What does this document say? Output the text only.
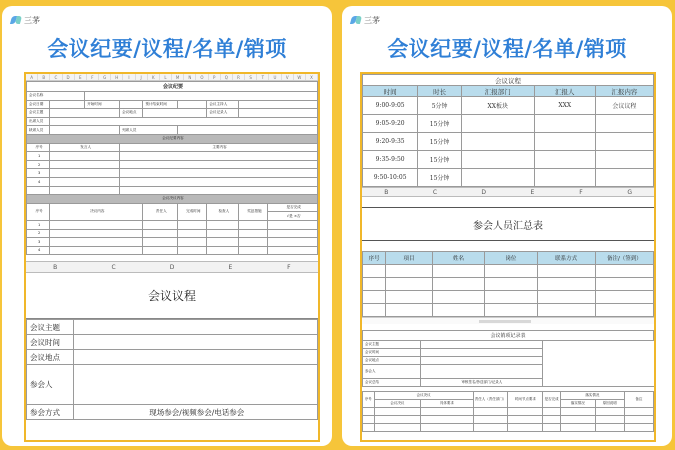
三茅
会议纪要/议程/名单/销项
A	B	C	D	E	F	G	H	I	J	K	L	M	N	O	P	Q	R	S	T	U	V	W	X
会议纪要								
会议名称								
会议日期		开始时间		预计结束时间		会议主持人		
会议主题			会议地点			会议记录人		
出席人员								
缺席人员			列席人员					
会议纪要内容								
序号	发言人		主要内容					
1								
2								
3								
4								

会议决议内容								
序号	决议内容			责任人	完成时间	检查人	奖惩措施	是否完成
								√是 ×否
1								
2								
3								
4								
B	C	D	E	F
会议议程
会议主题	
会议时间	
会议地点	
参会人	
参会方式	现场参会/视频参会/电话参会
三茅
会议纪要/议程/名单/销项
会议议程				
时间	时长	汇报部门	汇报人	汇报内容
9:00-9:05	5分钟	XX板块	XXX	会议议程
9:05-9:20	15分钟			
9:20-9:35	15分钟			
9:35-9:50	15分钟			
9:50-10:05	15分钟			
B	C	D	E	F	G
参会人员汇总表
序号	项目	姓名	岗位	联系方式	备注/（签到）

会议销项记录表								
会议主题								
会议时间								
会议地点								
参会人								
会议总结		审核签名/抄送部门/记录人						

序号	会议决议		责任人（责任部门）	时间节点要求	是否完成	落实情况		备注
	会议决议	具体要求				落实情况	原因说明	
